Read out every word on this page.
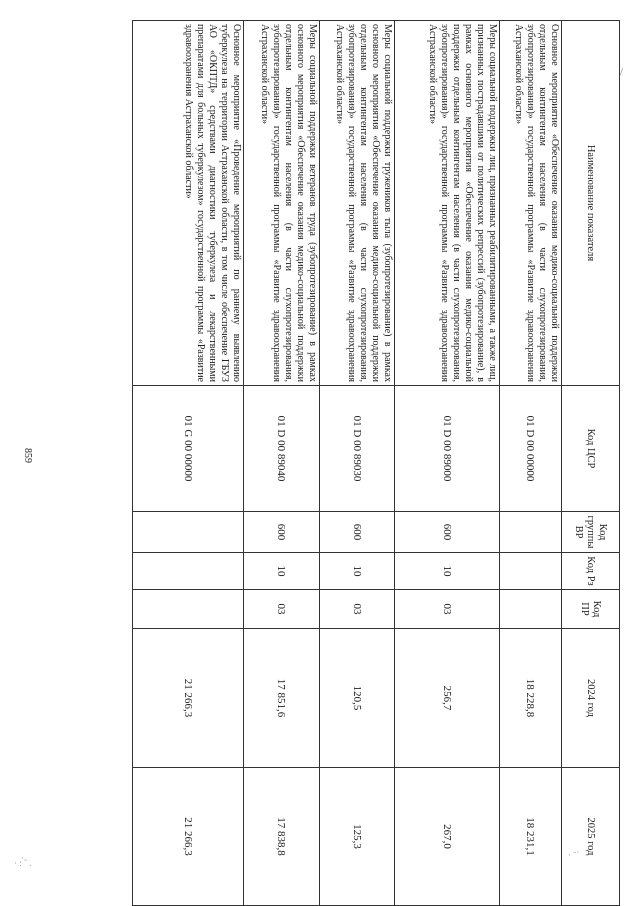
859
· : ̀˘ .
· ˉˊ
/
Наименование показателя	Код ЦСР	Код группы ВР	Код Рз	Код ПР	2024 год	2025 год
Основное мероприятие «Обеспечение оказания медико-социальной поддержки отдельным контингентам населения (в части слухопротезирования, зубопротезирования)» государственной программы «Развитие здравоохранения Астраханской области»	01 D 00 00000				18 228,8	18 231,1
Меры социальной поддержки лиц, признанных реабилитированными, а также лиц, признанных пострадавшими от политических репрессий (зубопротезирование), в рамках основного мероприятия «Обеспечение оказания медико-социальной поддержки отдельным контингентам населения (в части слухопротезирования, зубопротезирования)» государственной программы «Развитие здравоохранения Астраханской области»	01 D 00 89000	600	10	03	256,7	267,0
Меры социальной поддержки тружеников тыла (зубопротезирование) в рамках основного мероприятия «Обеспечение оказания медико-социальной поддержки отдельным контингентам населения (в части слухопротезирования, зубопротезирования)» государственной программы «Развитие здравоохранения Астраханской области»	01 D 00 89030	600	10	03	120,5	125,3
Меры социальной поддержки ветеранов труда (зубопротезирование) в рамках основного мероприятия «Обеспечение оказания медико-социальной поддержки отдельным контингентам населения (в части слухопротезирования, зубопротезирования)» государственной программы «Развитие здравоохранения Астраханской области»	01 D 00 89040	600	10	03	17 851,6	17 838,8
Основное мероприятие «Проведение мероприятий по раннему выявлению туберкулеза на территории Астраханской области, в том числе обеспечение ГБУЗ АО «ОКПТД» средствами диагностики туберкулеза и лекарственными препаратами для больных туберкулезом» государственной программы «Развитие здравоохранения Астраханской области»	01 G 00 00000				21 266,3	21 266,3
